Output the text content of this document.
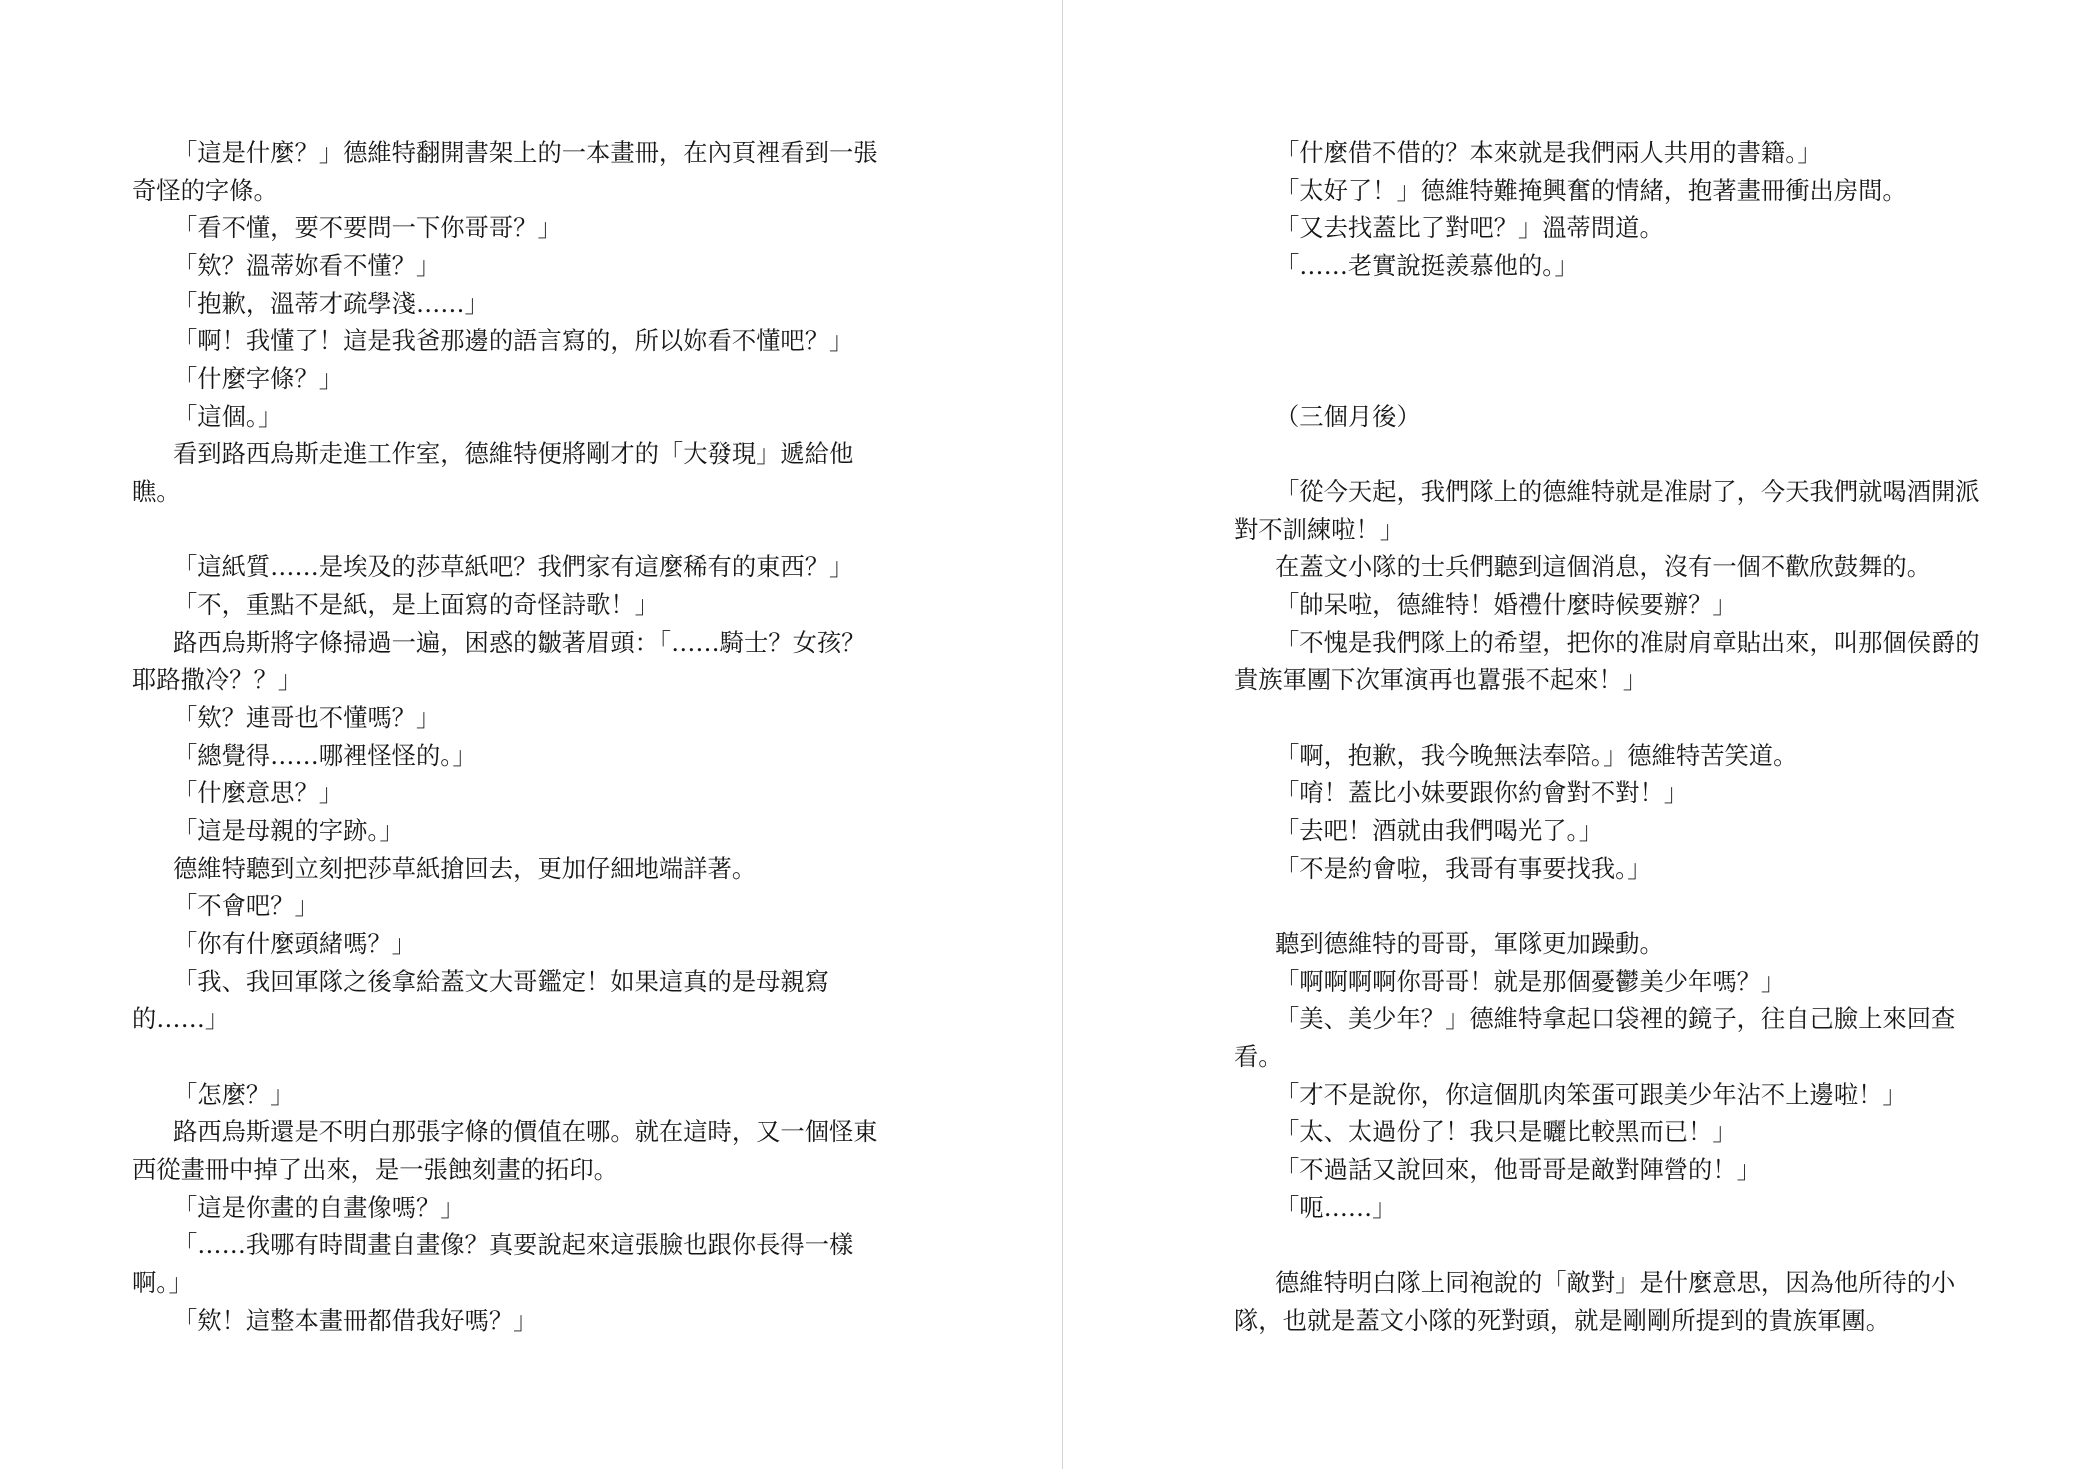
「這是什麼？」德維特翻開書架上的一本畫冊，在內頁裡看到一張
奇怪的字條。
「看不懂，要不要問一下你哥哥？」
「欸？溫蒂妳看不懂？」
「抱歉，溫蒂才疏學淺……」
「啊！我懂了！這是我爸那邊的語言寫的，所以妳看不懂吧？」
「什麼字條？」
「這個。」
看到路西烏斯走進工作室，德維特便將剛才的「大發現」遞給他
瞧。
「這紙質……是埃及的莎草紙吧？我們家有這麼稀有的東西？」
「不，重點不是紙，是上面寫的奇怪詩歌！」
路西烏斯將字條掃過一遍，困惑的皺著眉頭：「……騎士？女孩？
耶路撒冷？？」
「欸？連哥也不懂嗎？」
「總覺得……哪裡怪怪的。」
「什麼意思？」
「這是母親的字跡。」
德維特聽到立刻把莎草紙搶回去，更加仔細地端詳著。
「不會吧？」
「你有什麼頭緒嗎？」
「我、我回軍隊之後拿給蓋文大哥鑑定！如果這真的是母親寫
的……」
「怎麼？」
路西烏斯還是不明白那張字條的價值在哪。就在這時，又一個怪東
西從畫冊中掉了出來，是一張蝕刻畫的拓印。
「這是你畫的自畫像嗎？」
「……我哪有時間畫自畫像？真要說起來這張臉也跟你長得一樣
啊。」
「欸！這整本畫冊都借我好嗎？」
「什麼借不借的？本來就是我們兩人共用的書籍。」
「太好了！」德維特難掩興奮的情緒，抱著畫冊衝出房間。
「又去找蓋比了對吧？」溫蒂問道。
「……老實說挺羨慕他的。」
（三個月後）
「從今天起，我們隊上的德維特就是准尉了，今天我們就喝酒開派
對不訓練啦！」
在蓋文小隊的士兵們聽到這個消息，沒有一個不歡欣鼓舞的。
「帥呆啦，德維特！婚禮什麼時候要辦？」
「不愧是我們隊上的希望，把你的准尉肩章貼出來，叫那個侯爵的
貴族軍團下次軍演再也囂張不起來！」
「啊，抱歉，我今晚無法奉陪。」德維特苦笑道。
「唷！蓋比小妹要跟你約會對不對！」
「去吧！酒就由我們喝光了。」
「不是約會啦，我哥有事要找我。」
聽到德維特的哥哥，軍隊更加躁動。
「啊啊啊啊你哥哥！就是那個憂鬱美少年嗎？」
「美、美少年？」德維特拿起口袋裡的鏡子，往自己臉上來回查
看。
「才不是說你，你這個肌肉笨蛋可跟美少年沾不上邊啦！」
「太、太過份了！我只是曬比較黑而已！」
「不過話又說回來，他哥哥是敵對陣營的！」
「呃……」
德維特明白隊上同袍說的「敵對」是什麼意思，因為他所待的小
隊，也就是蓋文小隊的死對頭，就是剛剛所提到的貴族軍團。
